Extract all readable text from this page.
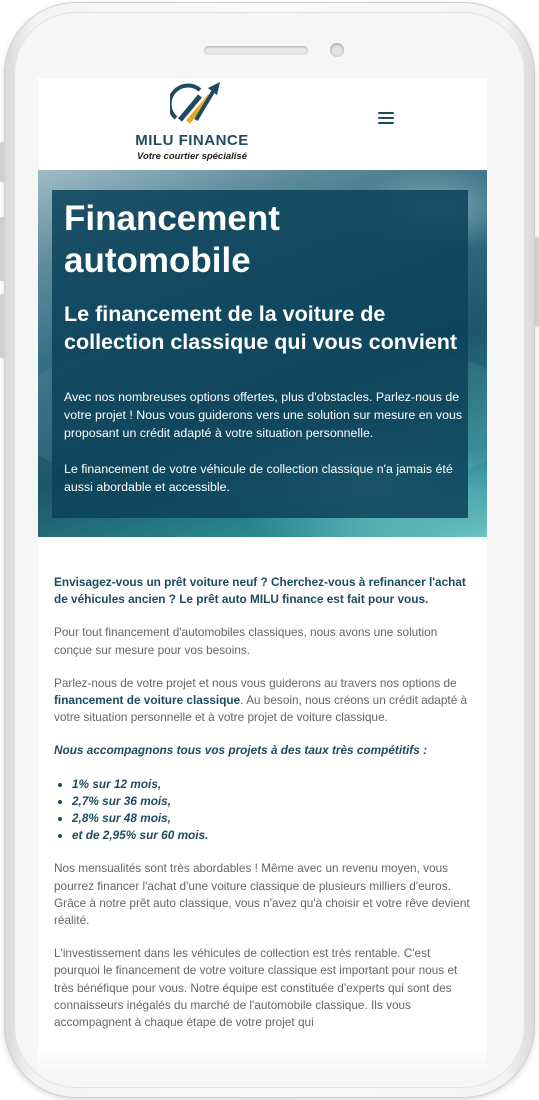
MILU FINANCE
Votre courtier spécialisé
Financement automobile
Le financement de la voiture de collection classique qui vous convient

Avec nos nombreuses options offertes, plus d'obstacles. Parlez-nous de votre projet ! Nous vous guiderons vers une solution sur mesure en vous proposant un crédit adapté à votre situation personnelle.

Le financement de votre véhicule de collection classique n'a jamais été aussi abordable et accessible.

Envisagez-vous un prêt voiture neuf ? Cherchez-vous à refinancer l'achat de véhicules ancien ? Le prêt auto MILU finance est fait pour vous.

Pour tout financement d'automobiles classiques, nous avons une solution conçue sur mesure pour vos besoins.

Parlez-nous de votre projet et nous vous guiderons au travers nos options de financement de voiture classique. Au besoin, nous créons un crédit adapté à votre situation personnelle et à votre projet de voiture classique.

Nous accompagnons tous vos projets à des taux très compétitifs :

• 1% sur 12 mois,
• 2,7% sur 36 mois,
• 2,8% sur 48 mois,
• et de 2,95% sur 60 mois.

Nos mensualités sont très abordables ! Même avec un revenu moyen, vous pourrez financer l'achat d'une voiture classique de plusieurs milliers d'euros. Grâce à notre prêt auto classique, vous n'avez qu'à choisir et votre rêve devient réalité.

L'investissement dans les véhicules de collection est très rentable. C'est pourquoi le financement de votre voiture classique est important pour nous et très bénéfique pour vous. Notre équipe est constituée d'experts qui sont des connaisseurs inégalés du marché de l'automobile classique. Ils vous accompagnent à chaque étape de votre projet qui
